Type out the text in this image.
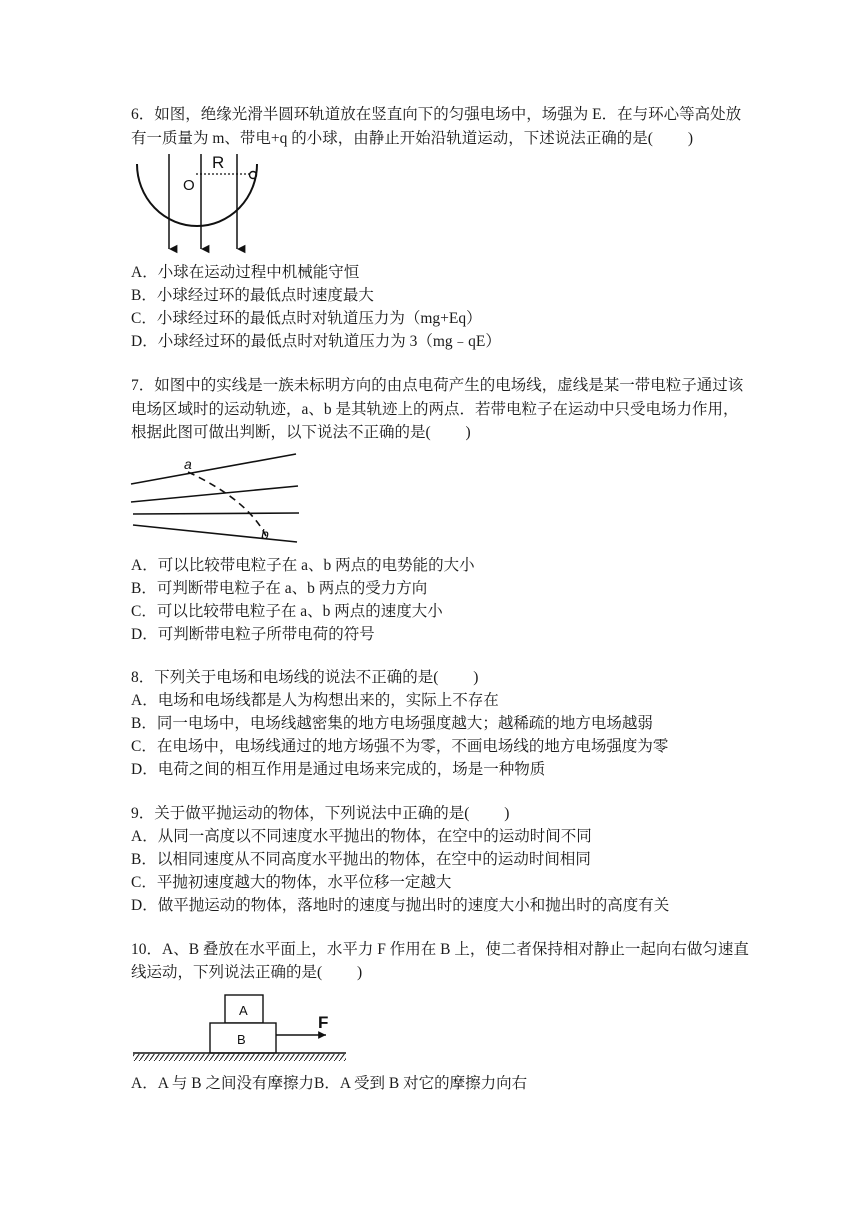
6．如图，绝缘光滑半圆环轨道放在竖直向下的匀强电场中，场强为 E．在与环心等高处放
有一质量为 m、带电+q 的小球，由静止开始沿轨道运动，下述说法正确的是(　　 )
R
O
A．小球在运动过程中机械能守恒
B．小球经过环的最低点时速度最大
C．小球经过环的最低点时对轨道压力为（mg+Eq）
D．小球经过环的最低点时对轨道压力为 3（mg﹣qE）
7．如图中的实线是一族未标明方向的由点电荷产生的电场线，虚线是某一带电粒子通过该
电场区域时的运动轨迹，a、b 是其轨迹上的两点．若带电粒子在运动中只受电场力作用，
根据此图可做出判断，以下说法不正确的是(　　 )
a
b
A．可以比较带电粒子在 a、b 两点的电势能的大小
B．可判断带电粒子在 a、b 两点的受力方向
C．可以比较带电粒子在 a、b 两点的速度大小
D．可判断带电粒子所带电荷的符号
8．下列关于电场和电场线的说法不正确的是(　　 )
A．电场和电场线都是人为构想出来的，实际上不存在
B．同一电场中，电场线越密集的地方电场强度越大；越稀疏的地方电场越弱
C．在电场中，电场线通过的地方场强不为零，不画电场线的地方电场强度为零
D．电荷之间的相互作用是通过电场来完成的，场是一种物质
9．关于做平抛运动的物体，下列说法中正确的是(　　 )
A．从同一高度以不同速度水平抛出的物体，在空中的运动时间不同
B．以相同速度从不同高度水平抛出的物体，在空中的运动时间相同
C．平抛初速度越大的物体，水平位移一定越大
D．做平抛运动的物体，落地时的速度与抛出时的速度大小和抛出时的高度有关
10．A、B 叠放在水平面上，水平力 F 作用在 B 上，使二者保持相对静止一起向右做匀速直
线运动，下列说法正确的是(　　 )
A
B
F
A．A 与 B 之间没有摩擦力B．A 受到 B 对它的摩擦力向右
